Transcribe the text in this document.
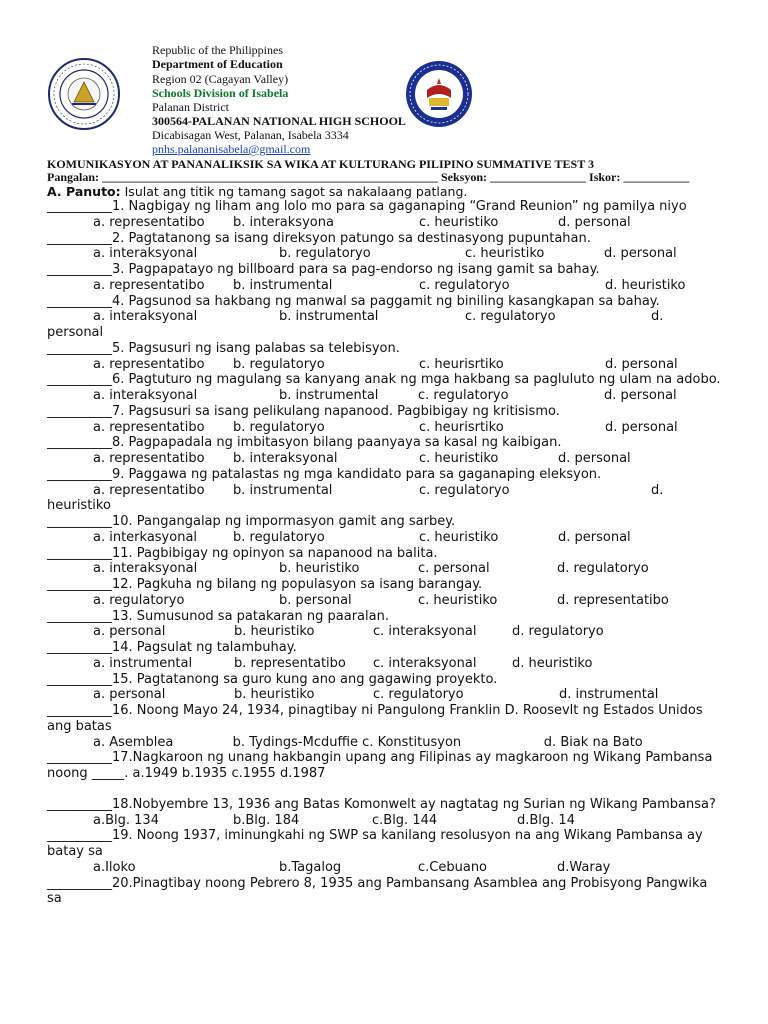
Republic of the Philippines
Department of Education
Region 02 (Cagayan Valley)
Schools Division of Isabela
Palanan District
300564-PALANAN NATIONAL HIGH SCHOOL
Dicabisagan West, Palanan, Isabela 3334
pnhs.palananisabela@gmail.com
KOMUNIKASYON AT PANANALIKSIK SA WIKA AT KULTURANG PILIPINO SUMMATIVE TEST 3
Pangalan: ________________________________________________________ Seksyon: ________________ Iskor: ___________
A. Panuto: Isulat ang titik ng tamang sagot sa nakalaang patlang.
__________1. Nagbigay ng liham ang lolo mo para sa gaganaping “Grand Reunion” ng pamilya niyo
a. representatibo	b. interaksyona	c. heuristiko	d. personal
__________2. Pagtatanong sa isang direksyon patungo sa destinasyong pupuntahan.
a. interaksyonal	b. regulatoryo	c. heuristiko	d. personal
__________3. Pagpapatayo ng billboard para sa pag-endorso ng isang gamit sa bahay.
a. representatibo	b. instrumental	c. regulatoryo	d. heuristiko
__________4. Pagsunod sa hakbang ng manwal sa paggamit ng biniling kasangkapan sa bahay.
a. interaksyonal	b. instrumental	c. regulatoryo	d.
personal
__________5. Pagsusuri ng isang palabas sa telebisyon.
a. representatibo	b. regulatoryo	c. heurisrtiko	d. personal
__________6. Pagtuturo ng magulang sa kanyang anak ng mga hakbang sa pagluluto ng ulam na adobo.
a. interaksyonal	b. instrumental	c. regulatoryo	d. personal
__________7. Pagsusuri sa isang pelikulang napanood. Pagbibigay ng kritisismo.
a. representatibo	b. regulatoryo	c. heurisrtiko	d. personal
__________8. Pagpapadala ng imbitasyon bilang paanyaya sa kasal ng kaibigan.
a. representatibo	b. interaksyonal	c. heuristiko	d. personal
__________9. Paggawa ng patalastas ng mga kandidato para sa gaganaping eleksyon.
a. representatibo	b. instrumental	c. regulatoryo	d.
heuristiko
__________10. Pangangalap ng impormasyon gamit ang sarbey.
a. interkasyonal	b. regulatoryo	c. heuristiko	d. personal
__________11. Pagbibigay ng opinyon sa napanood na balita.
a. interaksyonal	b. heuristiko	c. personal	d. regulatoryo
__________12. Pagkuha ng bilang ng populasyon sa isang barangay.
a. regulatoryo	b. personal	c. heuristiko	d. representatibo
__________13. Sumusunod sa patakaran ng paaralan.
a. personal	b. heuristiko	c. interaksyonal	d. regulatoryo
__________14. Pagsulat ng talambuhay.
a. instrumental	b. representatibo	c. interaksyonal	d. heuristiko
__________15. Pagtatanong sa guro kung ano ang gagawing proyekto.
a. personal	b. heuristiko	c. regulatoryo	d. instrumental
__________16. Noong Mayo 24, 1934, pinagtibay ni Pangulong Franklin D. Roosevlt ng Estados Unidos ang batas
a. Asemblea	b. Tydings-Mcduffie c. Konstitusyon	d. Biak na Bato
__________17.Nagkaroon ng unang hakbangin upang ang Filipinas ay magkaroon ng Wikang Pambansa noong _____. a.1949 b.1935 c.1955 d.1987
__________18.Nobyembre 13, 1936 ang Batas Komonwelt ay nagtatag ng Surian ng Wikang Pambansa?
a.Blg. 134	b.Blg. 184	c.Blg. 144	d.Blg. 14
__________19. Noong 1937, iminungkahi ng SWP sa kanilang resolusyon na ang Wikang Pambansa ay batay sa
a.Iloko	b.Tagalog	c.Cebuano	d.Waray
__________20.Pinagtibay noong Pebrero 8, 1935 ang Pambansang Asamblea ang Probisyong Pangwika sa
